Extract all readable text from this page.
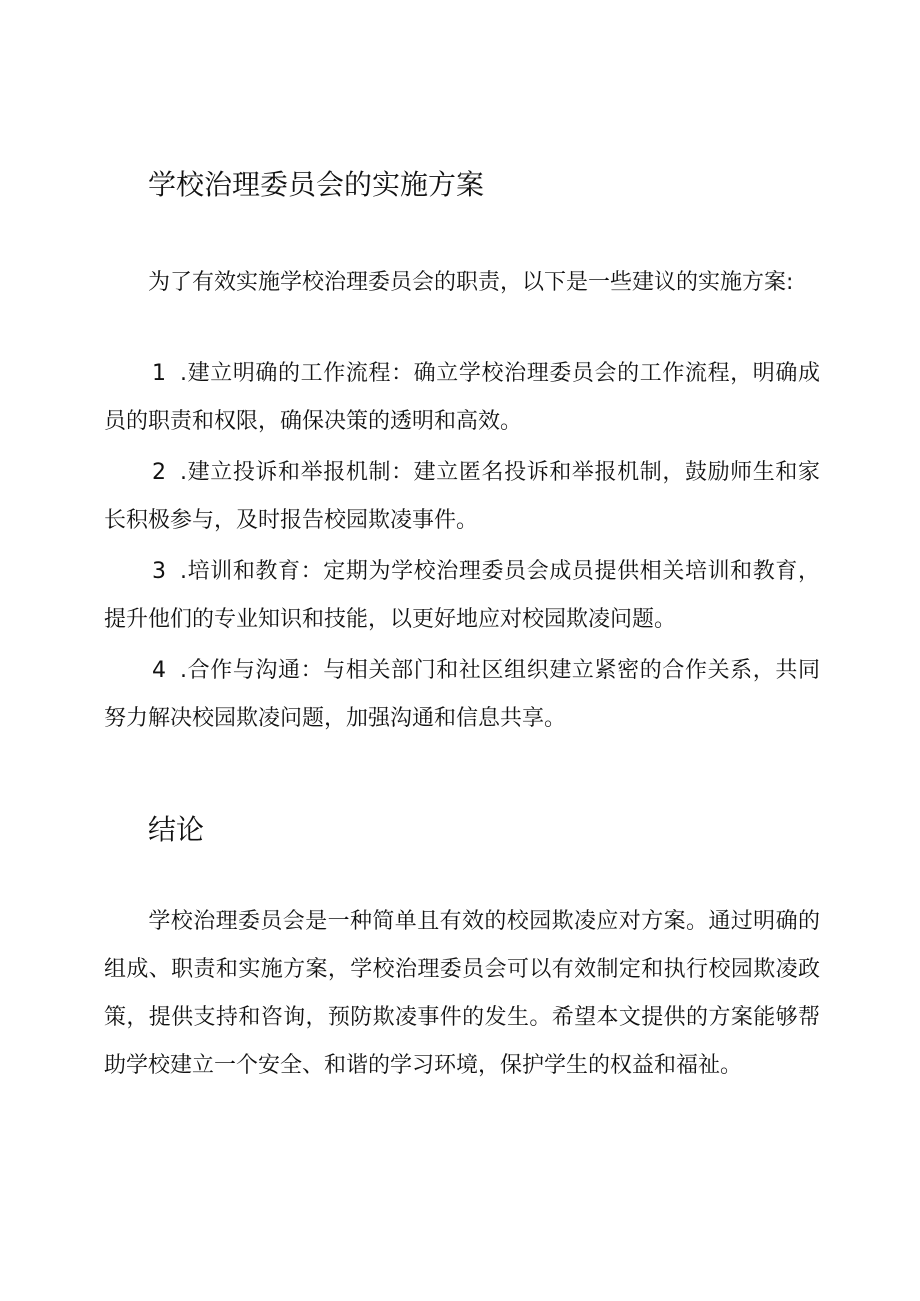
学校治理委员会的实施方案

为了有效实施学校治理委员会的职责，以下是一些建议的实施方案:

1 .建立明确的工作流程：确立学校治理委员会的工作流程，明确成员的职责和权限，确保决策的透明和高效。

2 .建立投诉和举报机制：建立匿名投诉和举报机制，鼓励师生和家长积极参与，及时报告校园欺凌事件。

3 .培训和教育：定期为学校治理委员会成员提供相关培训和教育，提升他们的专业知识和技能，以更好地应对校园欺凌问题。

4 .合作与沟通：与相关部门和社区组织建立紧密的合作关系，共同努力解决校园欺凌问题，加强沟通和信息共享。

结论

学校治理委员会是一种简单且有效的校园欺凌应对方案。通过明确的组成、职责和实施方案，学校治理委员会可以有效制定和执行校园欺凌政策，提供支持和咨询，预防欺凌事件的发生。希望本文提供的方案能够帮助学校建立一个安全、和谐的学习环境，保护学生的权益和福祉。
